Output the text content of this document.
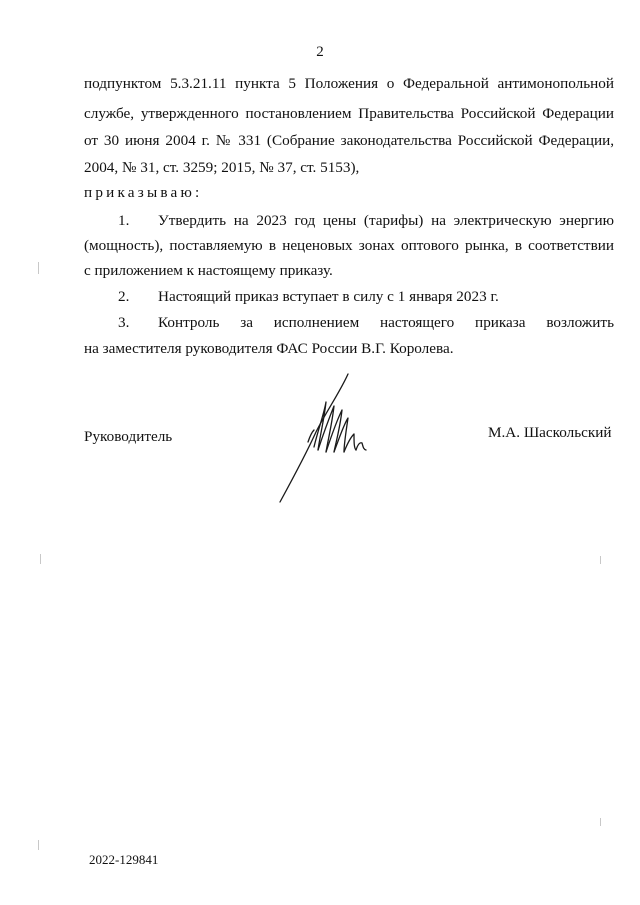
2
подпунктом 5.3.21.11 пункта 5 Положения о Федеральной антимонопольной
службе, утвержденного постановлением Правительства Российской Федерации
от 30 июня 2004 г. № 331 (Собрание законодательства Российской Федерации,
2004, № 31, ст. 3259; 2015, № 37, ст. 5153),
приказываю:
1. Утвердить на 2023 год цены (тарифы) на электрическую энергию
(мощность), поставляемую в неценовых зонах оптового рынка, в соответствии
с приложением к настоящему приказу.
2. Настоящий приказ вступает в силу с 1 января 2023 г.
3. Контроль за исполнением настоящего приказа возложить
на заместителя руководителя ФАС России В.Г. Королева.
Руководитель	М.А. Шаскольский
2022-129841
